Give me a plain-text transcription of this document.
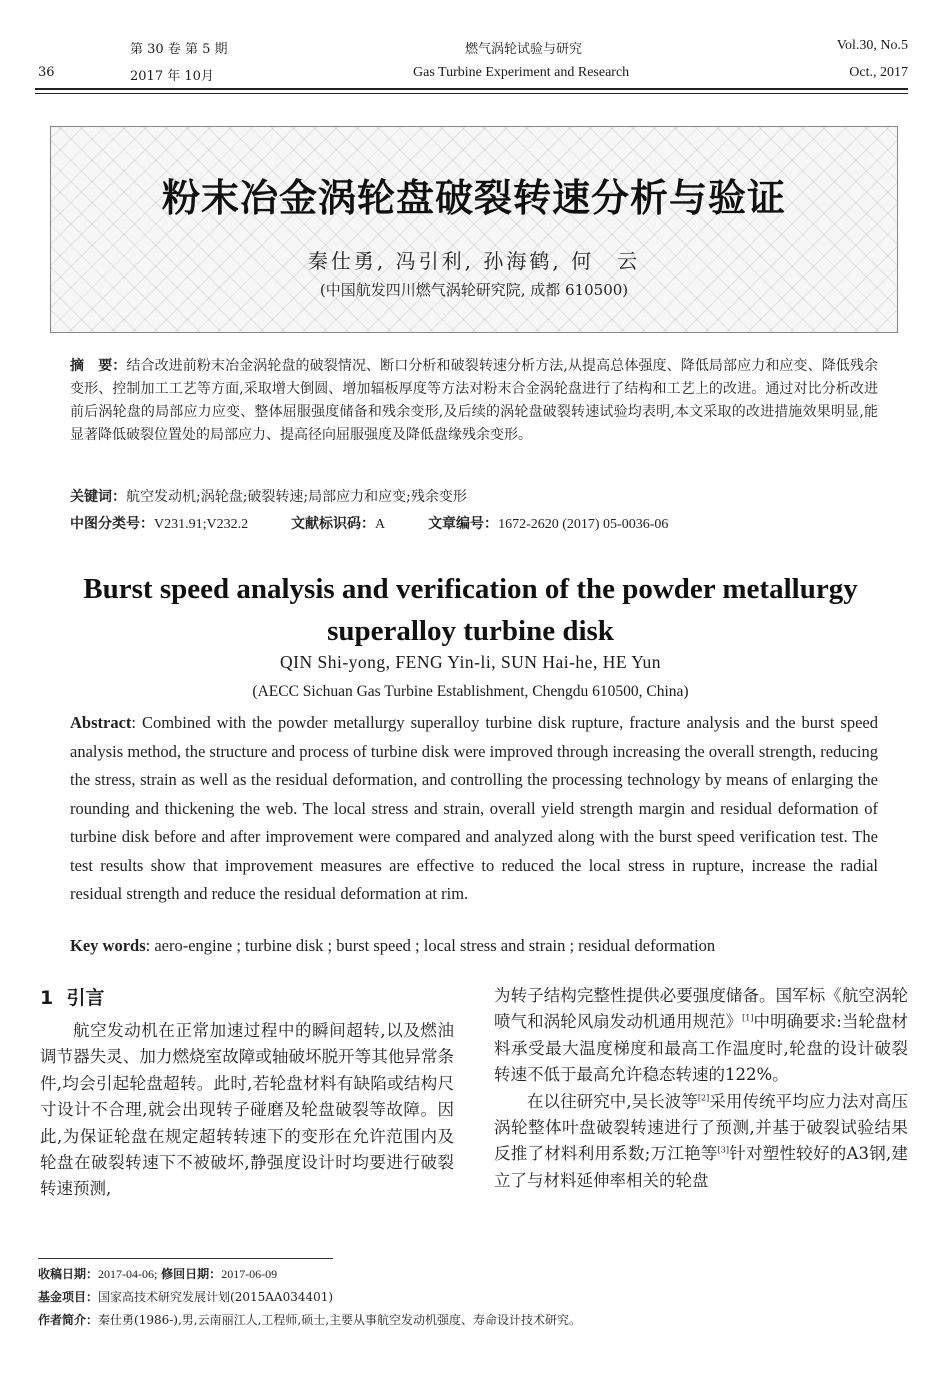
第 30 卷 第 5 期
36	2017 年 10月
燃气涡轮试验与研究
Gas Turbine Experiment and Research
Vol.30, No.5
Oct., 2017
粉末冶金涡轮盘破裂转速分析与验证
秦仕勇, 冯引利, 孙海鹤, 何　云
(中国航发四川燃气涡轮研究院, 成都 610500)
摘　要：结合改进前粉末冶金涡轮盘的破裂情况、断口分析和破裂转速分析方法,从提高总体强度、降低局部应力和应变、降低残余变形、控制加工工艺等方面,采取增大倒圆、增加辐板厚度等方法对粉末合金涡轮盘进行了结构和工艺上的改进。通过对比分析改进前后涡轮盘的局部应力应变、整体屈服强度储备和残余变形,及后续的涡轮盘破裂转速试验均表明,本文采取的改进措施效果明显,能显著降低破裂位置处的局部应力、提高径向屈服强度及降低盘缘残余变形。
关键词：航空发动机;涡轮盘;破裂转速;局部应力和应变;残余变形
中图分类号：V231.91;V232.2	文献标识码：A	文章编号：1672-2620 (2017) 05-0036-06
Burst speed analysis and verification of the powder metallurgy superalloy turbine disk
QIN Shi-yong, FENG Yin-li, SUN Hai-he, HE Yun
(AECC Sichuan Gas Turbine Establishment, Chengdu 610500, China)
Abstract: Combined with the powder metallurgy superalloy turbine disk rupture, fracture analysis and the burst speed analysis method, the structure and process of turbine disk were improved through increasing the overall strength, reducing the stress, strain as well as the residual deformation, and controlling the processing technology by means of enlarging the rounding and thickening the web. The local stress and strain, overall yield strength margin and residual deformation of turbine disk before and after improvement were compared and analyzed along with the burst speed verification test. The test results show that improvement measures are effective to reduced the local stress in rupture, increase the radial residual strength and reduce the residual deformation at rim.
Key words: aero-engine ; turbine disk ; burst speed ; local stress and strain ; residual deformation
1 引言

航空发动机在正常加速过程中的瞬间超转,以及燃油调节器失灵、加力燃烧室故障或轴破坏脱开等其他异常条件,均会引起轮盘超转。此时,若轮盘材料有缺陷或结构尺寸设计不合理,就会出现转子碰磨及轮盘破裂等故障。因此,为保证轮盘在规定超转转速下的变形在允许范围内及轮盘在破裂转速下不被破坏,静强度设计时均要进行破裂转速预测,

为转子结构完整性提供必要强度储备。国军标《航空涡轮喷气和涡轮风扇发动机通用规范》[1]中明确要求:当轮盘材料承受最大温度梯度和最高工作温度时,轮盘的设计破裂转速不低于最高允许稳态转速的122%。

在以往研究中,吴长波等[2]采用传统平均应力法对高压涡轮整体叶盘破裂转速进行了预测,并基于破裂试验结果反推了材料利用系数;万江艳等[3]针对塑性较好的A3钢,建立了与材料延伸率相关的轮盘

收稿日期：2017-04-06; 修回日期：2017-06-09
基金项目：国家高技术研究发展计划(2015AA034401)
作者简介：秦仕勇(1986-),男,云南丽江人,工程师,硕士,主要从事航空发动机强度、寿命设计技术研究。
